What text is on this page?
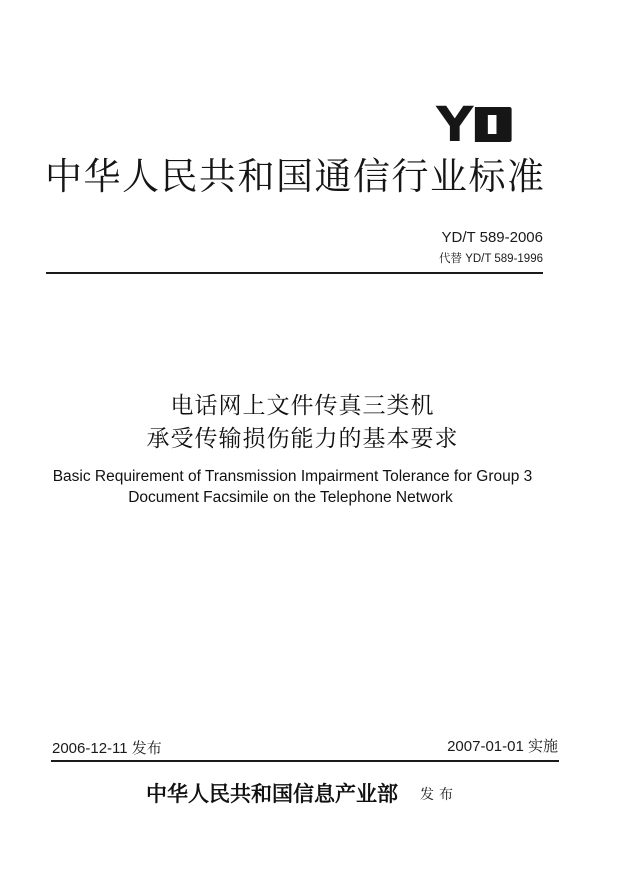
Y
中华人民共和国通信行业标准
YD/T 589-2006
代替 YD/T 589-1996
电话网上文件传真三类机
承受传输损伤能力的基本要求
Basic Requirement of Transmission Impairment Tolerance for Group 3
Document Facsimile on the Telephone Network
2006-12-11 发布	2007-01-01 实施
中华人民共和国信息产业部 发布
